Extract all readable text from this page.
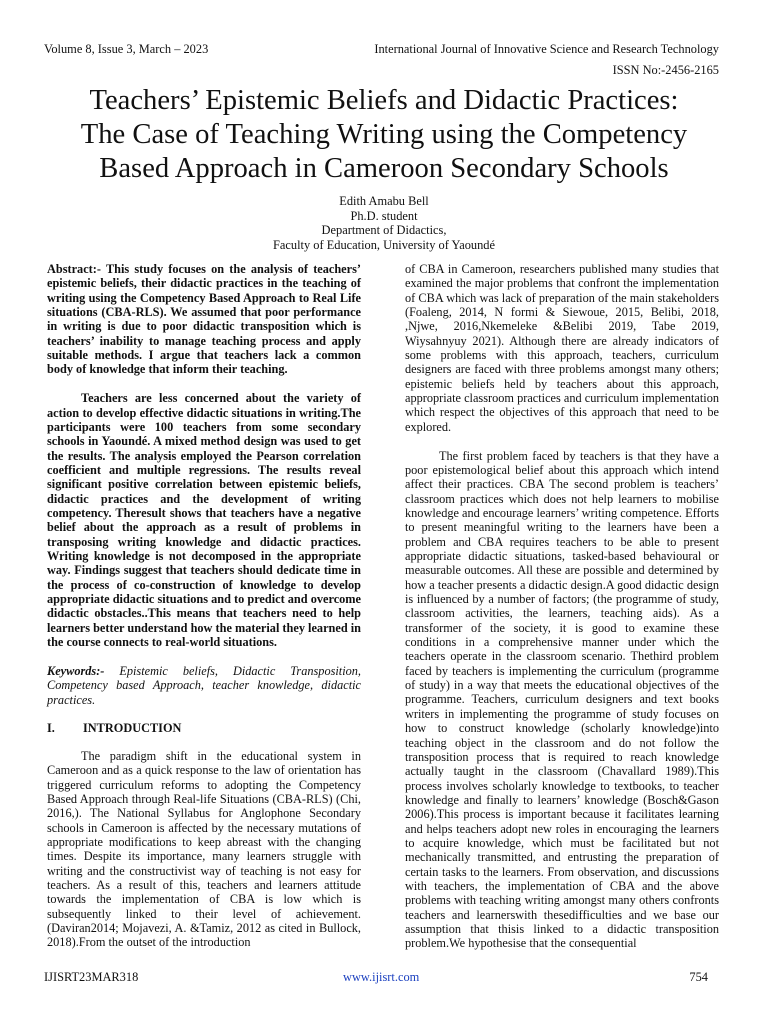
Volume 8, Issue 3, March – 2023	International Journal of Innovative Science and Research Technology
ISSN No:-2456-2165
Teachers’ Epistemic Beliefs and Didactic Practices:
The Case of Teaching Writing using the Competency
Based Approach in Cameroon Secondary Schools
Edith Amabu Bell
Ph.D. student
Department of Didactics,
Faculty of Education, University of Yaoundé

Abstract:- This study focuses on the analysis of teachers’ epistemic beliefs, their didactic practices in the teaching of writing using the Competency Based Approach to Real Life situations (CBA-RLS). We assumed that poor performance in writing is due to poor didactic transposition which is teachers’ inability to manage teaching process and apply suitable methods. I argue that teachers lack a common body of knowledge that inform their teaching.

Teachers are less concerned about the variety of action to develop effective didactic situations in writing.The participants were 100 teachers from some secondary schools in Yaoundé. A mixed method design was used to get the results. The analysis employed the Pearson correlation coefficient and multiple regressions. The results reveal significant positive correlation between epistemic beliefs, didactic practices and the development of writing competency. Theresult shows that teachers have a negative belief about the approach as a result of problems in transposing writing knowledge and didactic practices. Writing knowledge is not decomposed in the appropriate way. Findings suggest that teachers should dedicate time in the process of co-construction of knowledge to develop appropriate didactic situations and to predict and overcome didactic obstacles..This means that teachers need to help learners better understand how the material they learned in the course connects to real-world situations.

Keywords:- Epistemic beliefs, Didactic Transposition, Competency based Approach, teacher knowledge, didactic practices.

I. INTRODUCTION

The paradigm shift in the educational system in Cameroon and as a quick response to the law of orientation has triggered curriculum reforms to adopting the Competency Based Approach through Real-life Situations (CBA-RLS) (Chi, 2016,). The National Syllabus for Anglophone Secondary schools in Cameroon is affected by the necessary mutations of appropriate modifications to keep abreast with the changing times. Despite its importance, many learners struggle with writing and the constructivist way of teaching is not easy for teachers. As a result of this, teachers and learners attitude towards the implementation of CBA is low which is subsequently linked to their level of achievement.(Daviran2014; Mojavezi, A. &Tamiz, 2012 as cited in Bullock, 2018).From the outset of the introduction

of CBA in Cameroon, researchers published many studies that examined the major problems that confront the implementation of CBA which was lack of preparation of the main stakeholders (Foaleng, 2014, N formi & Siewoue, 2015, Belibi, 2018, ,Njwe, 2016,Nkemeleke &Belibi 2019, Tabe 2019, Wiysahnyuy 2021). Although there are already indicators of some problems with this approach, teachers, curriculum designers are faced with three problems amongst many others; epistemic beliefs held by teachers about this approach, appropriate classroom practices and curriculum implementation which respect the objectives of this approach that need to be explored.

The first problem faced by teachers is that they have a poor epistemological belief about this approach which intend affect their practices. CBA The second problem is teachers’ classroom practices which does not help learners to mobilise knowledge and encourage learners’ writing competence. Efforts to present meaningful writing to the learners have been a problem and CBA requires teachers to be able to present appropriate didactic situations, tasked-based behavioural or measurable outcomes. All these are possible and determined by how a teacher presents a didactic design.A good didactic design is influenced by a number of factors; (the programme of study, classroom activities, the learners, teaching aids). As a transformer of the society, it is good to examine these conditions in a comprehensive manner under which the teachers operate in the classroom scenario. Thethird problem faced by teachers is implementing the curriculum (programme of study) in a way that meets the educational objectives of the programme. Teachers, curriculum designers and text books writers in implementing the programme of study focuses on how to construct knowledge (scholarly knowledge)into teaching object in the classroom and do not follow the transposition process that is required to reach knowledge actually taught in the classroom (Chavallard 1989).This process involves scholarly knowledge to textbooks, to teacher knowledge and finally to learners’ knowledge (Bosch&Gason 2006).This process is important because it facilitates learning and helps teachers adopt new roles in encouraging the learners to acquire knowledge, which must be facilitated but not mechanically transmitted, and entrusting the preparation of certain tasks to the learners. From observation, and discussions with teachers, the implementation of CBA and the above problems with teaching writing amongst many others confronts teachers and learnerswith thesedifficulties and we base our assumption that thisis linked to a didactic transposition problem.We hypothesise that the consequential

IJISRT23MAR318	www.ijisrt.com	754
